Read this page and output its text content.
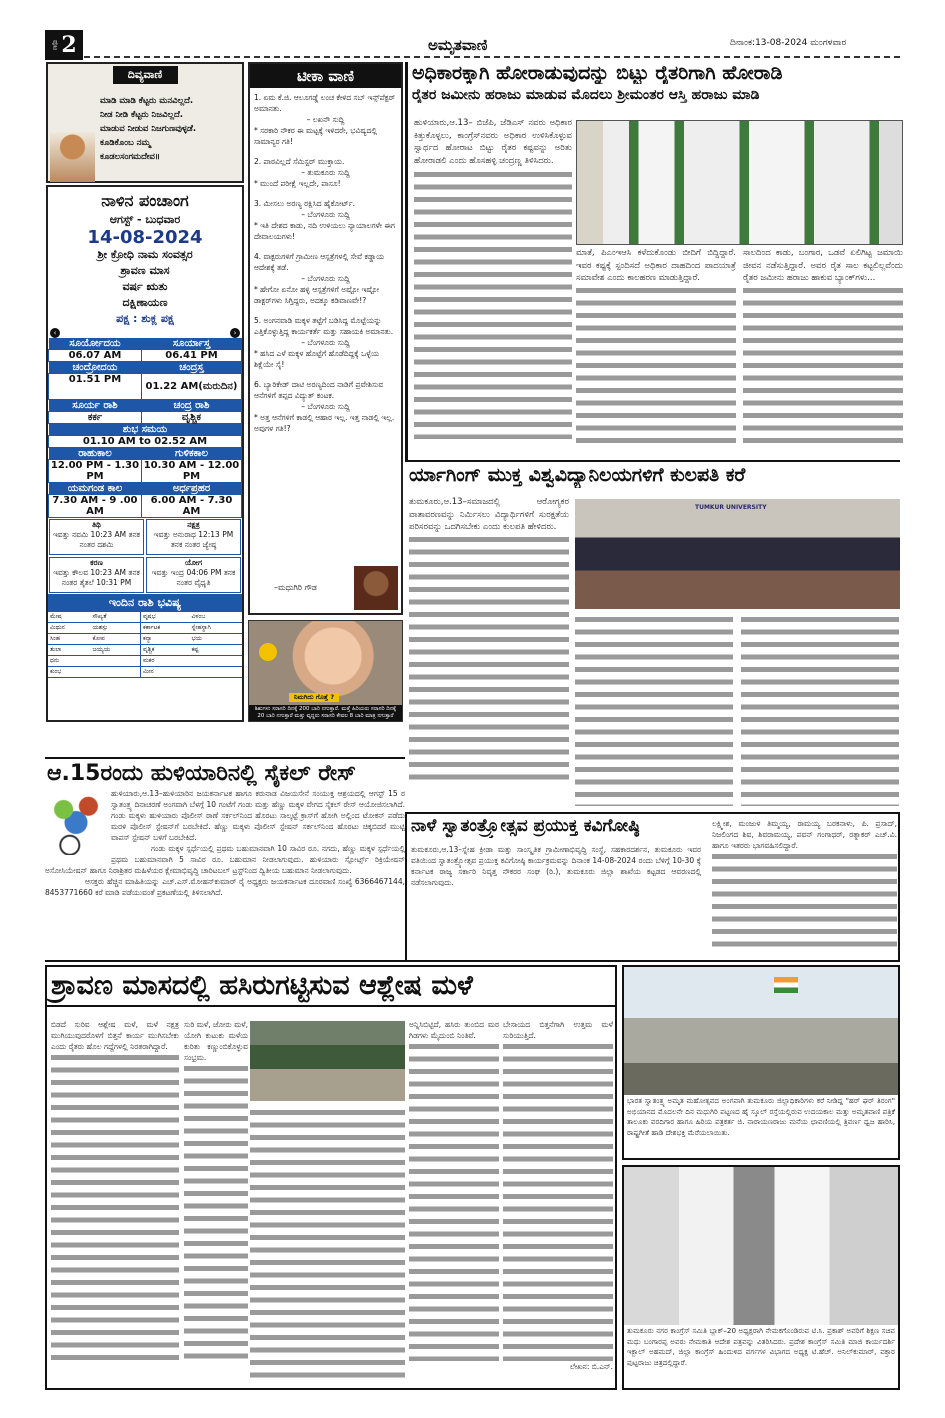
ಪುಟ 2	ಅಮೃತವಾಣಿ	ದಿನಾಂಕ:13-08-2024 ಮಂಗಳವಾರ
ದಿವ್ಯವಾಣಿ
ಮಾಡಿ ಮಾಡಿ ಕೆಟ್ಟರು ಮನವಿಲ್ಲದೆ.
ನೀಡ ನೀಡಿ ಕೆಟ್ಟರು ನಿಜವಿಲ್ಲದೆ.
ಮಾಡುವ ನೀಡುವ ನಿಜಗುಣವುಳ್ಳಡೆ.
ಕೂಡಿಕೊಂಬ ನಮ್ಮ
ಕೂಡಲಸಂಗಮದೇವ॥
ನಾಳಿನ ಪಂಚಾಂಗ
ಆಗಸ್ಟ್ - ಬುಧವಾರ
14-08-2024
ಶ್ರೀ ಕ್ರೋಧಿ ನಾಮ ಸಂವತ್ಸರ
ಶ್ರಾವಣ ಮಾಸ
ವರ್ಷ ಋತು
ದಕ್ಷಿಣಾಯಣ
ಪಕ್ಷ : ಶುಕ್ಲ ಪಕ್ಷ
‹	›
ಸೂರ್ಯೋದಯ	ಸೂರ್ಯಾಸ್ತ
06.07 AM	06.41 PM
ಚಂದ್ರೋದಯ	ಚಂದ್ರಸ್ತ
01.51 PM	01.22 AM(ಮರುದಿನ)
ಸೂರ್ಯ ರಾಶಿ	ಚಂದ್ರ ರಾಶಿ
ಕರ್ಕ	ವೃಶ್ಚಿಕ
ಶುಭ ಸಮಯ	
01.10 AM to 02.52 AM	
ರಾಹುಕಾಲ	ಗುಳಿಕಕಾಲ
12.00 PM - 1.30 PM	10.30 AM - 12.00 PM
ಯಮಗಂಡ ಕಾಲ	ಅರ್ಧಪ್ರಹರ
7.30 AM - 9 .00 AM	6.00 AM - 7.30 AM
ತಿಥಿ
ಇವತ್ತು ನವಮಿ 10:23 AM ತನಕ ನಂತರ ದಶಮಿ
ನಕ್ಷತ್ರ
ಇವತ್ತು ಅನುರಾಧ 12:13 PM ತನಕ ನಂತರ ಜ್ಯೇಷ್ಠ
ಕರಣ
ಇವತ್ತು ಕೌಲವ 10:23 AM ತನಕ ನಂತರ ತೈತಲೆ 10:31 PM
ಯೋಗ
ಇವತ್ತು ಇಂದ್ರ 04:06 PM ತನಕ ನಂತರ ವೈಧೃತಿ
ಇಂದಿನ ರಾಶಿ ಭವಿಷ್ಯ
ಮೇಷ	ಸೌಖ್ಯತೆ	ವೃಷಭ	ವಿಳಂಬ
ಮಿಥುನ	ಯಶಸ್ಸು	ಕರ್ಕಾಟಕ	ಸ್ನೇಹಸ್ಥಾಗಿ
ಸಿಂಹ	ಕೋಪ	ಕನ್ಯಾ	ಭಯ
ತುಲಾ	ಜಯ್ಯಯ	ವೃಶ್ಚಿಕ	ಕಷ್ಟ
ಧನು		ಮಕರ	
ಕುಂಭ		ಮೀನ	
ಟೀಕಾ ವಾಣಿ
1. ಏಮ ಕೆ.ಜಿ. ಆಲೂಗಡ್ಡೆ ಲಂಚ ಕೇಳಿದ ಸಬ್ ಇನ್ಸ್‌ಪೆಕ್ಟರ್ ಅಮಾನತು.
– ಲಖನೌ ಸುದ್ದಿ
* ಸರಕಾರಿ ನೌಕರ ಈ ಮಟ್ಟಕ್ಕೆ ಇಳಿದರೇ, ಭವಿಷ್ಯದಲ್ಲಿ ಸಾಮಾನ್ಯರ ಗತಿ!
2. ಪಾಠವಿಲ್ಲದೆ ಸೆಮಿಸ್ಟರ್ ಮುಕ್ತಾಯ.
– ತುಮಕೂರು ಸುದ್ದಿ
* ಮುಂದೆ ಪರೀಕ್ಷೆ ಇಲ್ಲದೇ, ಪಾಸೂ!
3. ಮೀಸಲು ಅರಣ್ಯ ರಕ್ಷಿಸಿದ ಹೈಕೋರ್ಟ್.
– ಬೆಂಗಳೂರು ಸುದ್ದಿ
* ಇತಿ ದೇಶದ ಕಾಡು, ನದಿ ಉಳಿಯಲು ನ್ಯಾಯಾಲಗಳೇ ಈಗ ದೇವಾಲಯಗಳು!
4. ವಾಕ್ಟರುಗಳಿಗೆ ಗ್ರಾಮೀಣ ಆಸ್ಪತ್ರೆಗಳಲ್ಲಿ ಸೇವೆ ಕಡ್ಡಾಯ ಆದೇಶಕ್ಕೆ ತಡೆ.
– ಬೆಂಗಳೂರು ಸುದ್ದಿ
* ಹೇಗೋ ಏನೋ ಹಳ್ಳಿ ಆಸ್ಪತ್ರೆಗಳಿಗೆ ಅಷ್ಟೋ ಇಷ್ಟೋ ಡಾಕ್ಟರ್‌ಗಳು ಸಿಗ್ತಿದ್ದರು, ಅದಕ್ಕೂ ಕಡಿವಾಣವೇ!?
5. ಅಂಗನವಾಡಿ ಮಕ್ಕಳ ತಟ್ಟೆಗೆ ಬಡಿಸಿದ್ದ ಮೊಟ್ಟೆಯನ್ನು ಎತ್ತಿಕೊಳ್ಳುತ್ತಿದ್ದ ಕಾರ್ಯಕರ್ತೆ ಮತ್ತು ಸಹಾಯಕಿ ಅಮಾನತು.
– ಬೆಂಗಳೂರು ಸುದ್ದಿ
* ಹಸಿದ ಎಳೆ ಮಕ್ಕಳ ಹೊಟ್ಟೆಗೆ ಹೊಡೆದಿದ್ದಕ್ಕೆ ಒಳ್ಳೆಯ ಶಿಕ್ಷೆಯೇ ಸೈ!
6. ಬ್ಯಾರಿಕೇಡ್ ದಾಟಿ ಅರಣ್ಯದಿಂದ ನಾಡಿಗೆ ಪ್ರವೇಶಿಸುವ ಆನೆಗಳಿಗೆ ತಪ್ಪದ ವಿದ್ಯುತ್ ಕಂಟಕ.
– ಬೆಂಗಳೂರು ಸುದ್ದಿ
* ಅತ್ತ ಆನೆಗಳಿಗೆ ಕಾಡಲ್ಲಿ ಆಹಾರ ಇಲ್ಲ. ಇತ್ತ ನಾಡಲ್ಲಿ ಇಲ್ಲ. ಅವುಗಳ ಗತಿ!?
–ಮಧುಗಿರಿ ಗೌಡ
ನಿಮಗಿದು ಗೊತ್ತೆ ?
ಶಿಶುಗಳು ಸರಾಸರಿ ದಿನಕ್ಕೆ 200 ಬಾರಿ ನಗುತ್ತಾರೆ. ಮತ್ತೆ ಹಿರಿಯರು ಸರಾಸರಿ ದಿನಕ್ಕೆ 20 ಬಾರಿ ನಗುತ್ತಾರೆ ಮತ್ತು ವೃದ್ಧರು ಸರಾಸರಿ ಕೇವಲ 8 ಬಾರಿ ಮಾತ್ರ ನಗುತ್ತಾರೆ
ಅಧಿಕಾರಕ್ಕಾಗಿ ಹೋರಾಡುವುದನ್ನು ಬಿಟ್ಟು ರೈತರಿಗಾಗಿ ಹೋರಾಡಿ
ರೈತರ ಜಮೀನು ಹರಾಜು ಮಾಡುವ ಮೊದಲು ಶ್ರೀಮಂತರ ಆಸ್ತಿ ಹರಾಜು ಮಾಡಿ
ಹುಳಿಯಾರು,ಆ.13– ಬಿಜೆಪಿ, ಜೆಡಿಎಸ್ ನವರು ಅಧಿಕಾರ ಕಿತ್ತುಕೊಳ್ಳಲು, ಕಾಂಗ್ರೆಸ್‌ನವರು ಅಧಿಕಾರ ಉಳಿಸಿಕೊಳ್ಳುವ ಸ್ವಾರ್ಥದ ಹೋರಾಟ ಬಿಟ್ಟು ರೈತರ ಕಷ್ಟವನ್ನು ಅರಿತು ಹೋರಾಡಲಿ ಎಂದು ಹೊಸಹಳ್ಳಿ ಚಂದ್ರಣ್ಣ ತಿಳಿಸಿದರು.
ಮಾತೆ, ಪಿಎಂಇಆಸಿ ಕಳೆದುಕೊಂಡು ಬೀದಿಗೆ ಬಿದ್ದಿದ್ದಾರೆ. ಇವರ ಕಷ್ಟಕ್ಕೆ ಸ್ಪಂದಿಸದೆ ಅಧಿಕಾರ ದಾಹದಿಂದ ಪಾದಯಾತ್ರೆ ಸಮಾವೇಶ ಎಂದು ಕಾಲಹರಣ ಮಾಡುತ್ತಿದ್ದಾರೆ.
ಸಾಲದಿಂದ ಕಾಡು, ಬಂಗಾರ, ಒಡವೆ ಏಲಿಗಿಟ್ಟ ಜಮಾಯಿ ಜೀವನ ನಡೆಸುತ್ತಿದ್ದಾರೆ. ಅವರ ರೈತ ಸಾಲ ಕಟ್ಟಲಿಲ್ಲವೆಂದು ರೈತರ ಜಮೀನು ಹರಾಜು ಹಾಕುವ ಬ್ಯಾಂಕ್‌ಗಳು...
ರ್ಯಾಗಿಂಗ್ ಮುಕ್ತ ವಿಶ್ವವಿದ್ಯಾನಿಲಯಗಳಿಗೆ ಕುಲಪತಿ ಕರೆ
ತುಮಕೂರು,ಆ.13–ಸಮಾಜದಲ್ಲಿ ಆರೋಗ್ಯಕರ ವಾತಾವರಣವನ್ನು ನಿರ್ಮಿಸಲು ವಿದ್ಯಾರ್ಥಿಗಳಿಗೆ ಸುರಕ್ಷತೆಯ ಪರಿಸರವನ್ನು ಒದಗಿಸಬೇಕು ಎಂದು ಕುಲಪತಿ ಹೇಳಿದರು.
TUMKUR UNIVERSITY
ಆ.15ರಂದು ಹುಳಿಯಾರಿನಲ್ಲಿ ಸೈಕಲ್ ರೇಸ್
ಹುಳಿಯಾರು,ಆ.13–ಹುಳಿಯಾರಿನ ಜಯಕರ್ನಾಟಕ ಹಾಗೂ ಕರುನಾಡ ವಿಜಯಸೇನೆ ಸಂಯುಕ್ತ ಆಶ್ರಯದಲ್ಲಿ ಆಗಸ್ಟ್ 15 ರ ಸ್ವಾತಂತ್ರ್ಯ ದಿನಾಚರಣೆ ಅಂಗವಾಗಿ ಬೆಳಗ್ಗೆ 10 ಗಂಟೆಗೆ ಗಂಡು ಮತ್ತು ಹೆಣ್ಣು ಮಕ್ಕಳ ವೇಗದ ಸೈಕಲ್ ರೇಸ್ ಆಯೋಜಿಸಲಾಗಿದೆ. ಗಂಡು ಮಕ್ಕಳು ಹುಳಿಯಾರು ಪೊಲೀಸ್ ಠಾಣೆ ಸರ್ಕಲ್‌ನಿಂದ ಹೊರಟು ಸಾಲ್ಕಟ್ಟೆ ಕ್ರಾಸ್‌ಗೆ ಹೋಗಿ ಅಲ್ಲಿಂದ ಟೋಕನ್ ಪಡೆದು ಮರಳಿ ಪೊಲೀಸ್ ಸ್ಟೇಷನ್‌ಗೆ ಬರಬೇಕಿದೆ. ಹೆಣ್ಣು ಮಕ್ಕಳು ಪೊಲೀಸ್ ಸ್ಟೇಷನ್ ಸರ್ಕಲ್‌ನಿಂದ ಹೊರಟು ಚಿಕ್ಕಬಿದರೆ ಮುಟ್ಟಿ ವಾಪಸ್ ಸ್ಟೇಷನ್ ಬಳಿಗೆ ಬರಬೇಕಿದೆ.
ಗಂಡು ಮಕ್ಕಳ ಸ್ಪರ್ಧೆಯಲ್ಲಿ ಪ್ರಥಮ ಬಹುಮಾನವಾಗಿ 10 ಸಾವಿರ ರೂ. ನಗದು, ಹೆಣ್ಣು ಮಕ್ಕಳ ಸ್ಪರ್ಧೆಯಲ್ಲಿ ಪ್ರಥಮ ಬಹುಮಾನವಾಗಿ 5 ಸಾವಿರ ರೂ. ಬಹುಮಾನ ನೀಡಲಾಗುವುದು. ಹುಳಿಯಾರು ಸ್ಪೋರ್ಟ್ಸ್ ರಿಕ್ರಿಯೇಷನ್ ಅಸೋಸಿಯೇಷನ್ ಹಾಗೂ ನಿರಾಶ್ರಿತರ ಮಹಿಳೆಯರ ಕ್ಷೇಮಾಭಿವೃದ್ಧಿ ಚಾರಿಟಬಲ್ ಟ್ರಸ್ಟ್‌ನಿಂದ ದ್ವಿತೀಯ ಬಹುಮಾನ ನೀಡಲಾಗುವುದು.
ಆಸಕ್ತರು ಹೆಚ್ಚಿನ ಮಾಹಿತಿಯನ್ನು ಎಚ್.ಎಸ್.ಮೋಹನ್‌ಕುಮಾರ್ ರೈ ಅಧ್ಯಕ್ಷರು ಜಯಕರ್ನಾಟಕ ದೂರವಾಣಿ ಸಂಖ್ಯೆ 6366467144, 8453771660 ಕರೆ ಮಾಡಿ ಪಡೆಯುವಂತೆ ಪ್ರಕಟಣೆಯಲ್ಲಿ ತಿಳಿಸಲಾಗಿದೆ.
ನಾಳೆ ಸ್ವಾತಂತ್ರ್ಯೋತ್ಸವ ಪ್ರಯುಕ್ತ ಕವಿಗೋಷ್ಠಿ
ತುಮಕೂರು,ಆ.13–ಸ್ನೇಹ ಕ್ರೀಡಾ ಮತ್ತು ಸಾಂಸ್ಕೃತಿಕ ಗ್ರಾಮೀಣಾಭಿವೃದ್ಧಿ ಸಂಸ್ಥೆ, ಸಹಕಾರದರ್ಶನ, ತುಮಕೂರು ಇವರ ವತಿಯಿಂದ ಸ್ವಾತಂತ್ರ್ಯೋತ್ಸವ ಪ್ರಯುಕ್ತ ಕವಿಗೋಷ್ಠಿ ಕಾರ್ಯಕ್ರಮವನ್ನು ದಿನಾಂಕ 14-08-2024 ರಂದು ಬೆಳಿಗ್ಗೆ 10-30 ಕ್ಕೆ ಕರ್ನಾಟಕ ರಾಜ್ಯ ಸರ್ಕಾರಿ ನಿವೃತ್ತ ನೌಕರರ ಸಂಘ (ರಿ.), ತುಮಕೂರು ಜಿಲ್ಲಾ ಶಾಖೆಯ ಕಟ್ಟಡದ ಆವರಣದಲ್ಲಿ ನಡೆಸಲಾಗುವುದು.
ಲಕ್ಷ್ಮೀಶ, ಮಂಜುಳ ತಿಮ್ಮಯ್ಯ, ರಾಮಯ್ಯ ಬರಕನಾಳು, ಪಿ. ಪ್ರಸಾದ್, ನಿಜಲಿಂಗದ ಶಿವ, ಶಿವರಾಮಯ್ಯ, ಪವನ್ ಗಂಗಾಧರ್, ರತ್ನಾಕರ್ ಎಚ್.ವಿ. ಹಾಗೂ ಇತರರು ಭಾಗವಹಿಸಲಿದ್ದಾರೆ.
ಶ್ರಾವಣ ಮಾಸದಲ್ಲಿ ಹಸಿರುಗಟ್ಟಿಸುವ ಆಶ್ಲೇಷ ಮಳೆ
ಬಿಡದೆ ಸುರಿವ ಆಶ್ಲೇಷ ಮಳೆ, ಮಳೆ ನಕ್ಷತ್ರ ಮುಗಿಯುವುದರೊಳಗೆ ಬಿತ್ತನೆ ಕಾರ್ಯ ಮುಗಿಸಬೇಕು ಎಂದು ರೈತರು ಹೊಲ ಗದ್ದೆಗಳಲ್ಲಿ ನಿರತರಾಗಿದ್ದಾರೆ.
ಸುರಿ ಮಳೆ, ಜೋರು ಮಳೆ, ಯೋಗಿ ಕುಟುಕು ಮಳೆಯ ಕುರಿತು ಕಣ್ಣುಂಬಿಕೊಳ್ಳುವ ಸಂಭ್ರಮ.
ಅನ್ನಿಸಿಬಿಟ್ಟಿದೆ, ಹಸಿರು ತುಂಬಿದ ಮರ ಗಿಡಗಳು ಮೈದುಂಬಿ ನಿಂತಿವೆ.
ಬೇಸಾಯದ ಬಿತ್ತನೆಗಾಗಿ ಉತ್ತಮ ಮಳೆ ಸುರಿಯುತ್ತಿದೆ.
ಲೇಖನ: ಬಿ.ಎನ್.
ಭಾರತ ಸ್ವಾತಂತ್ರ್ಯ ಅಮೃತ ಮಹೋತ್ಸವದ ಅಂಗವಾಗಿ ತುಮಕೂರು ಜಿಲ್ಲಾಧಿಕಾರಿಗಳು ಕರೆ ನೀಡಿದ್ದ "ಹರ್ ಘರ್ ತಿರಂಗ" ಅಭಿಯಾನದ ಮೊದಲನೇ ದಿನ ಮಧುಗಿರಿ ಪಟ್ಟಣದ ಹೈ ಸ್ಕೂಲ್ ರಸ್ತೆಯಲ್ಲಿರುವ ಉದಯಕಾಲ ಮತ್ತು ಅಮೃತವಾಣಿ ಪತ್ರಿಕೆ ತಾಲೂಕು ವರದಿಗಾರ ಹಾಗೂ ಹಿರಿಯ ಪತ್ರಕರ್ತ ಜಿ. ನಾರಾಯಣರಾಜು ಮನೆಯ ಛಾವಣಿಯಲ್ಲಿ ತ್ರಿವರ್ಣ ಧ್ವಜ ಹಾರಿಸಿ, ರಾಷ್ಟ್ರಗೀತೆ ಹಾಡಿ ದೇಶಭಕ್ತಿ ಮೆರೆಯಲಾಯಿತು.
ತುಮಕೂರು ನಗರ ಕಾಂಗ್ರೆಸ್ ಸಮಿತಿ ಬ್ಲಾಕ್–20 ಅಧ್ಯಕ್ಷರಾಗಿ ನೇಮಕಗೊಂಡಿರುವ ಟಿ.ಸಿ. ಪ್ರಕಾಶ್ ಅವರಿಗೆ ಶಿಕ್ಷಣ ಸಚಿವ ಮಧು ಬಂಗಾರಪ್ಪ ಅವರು ನೇಮಕಾತಿ ಆದೇಶ ಪತ್ರವನ್ನು ವಿತರಿಸಿದರು. ಪ್ರದೇಶ ಕಾಂಗ್ರೆಸ್ ಸಮಿತಿ ಮಾಜಿ ಕಾರ್ಯದರ್ಶಿ ಇಕ್ಬಾಲ್ ಅಹಮದ್, ಜಿಲ್ಲಾ ಕಾಂಗ್ರೆಸ್ ಹಿಂದುಳಿದ ವರ್ಗಗಳ ವಿಭಾಗದ ಅಧ್ಯಕ್ಷ ಟಿ.ಹೆಚ್. ಅನಿಲ್‌ಕುಮಾರ್, ವಕ್ತಾರ ಪುಟ್ಟರಾಜು ಚಿತ್ರದಲ್ಲಿದ್ದಾರೆ.
